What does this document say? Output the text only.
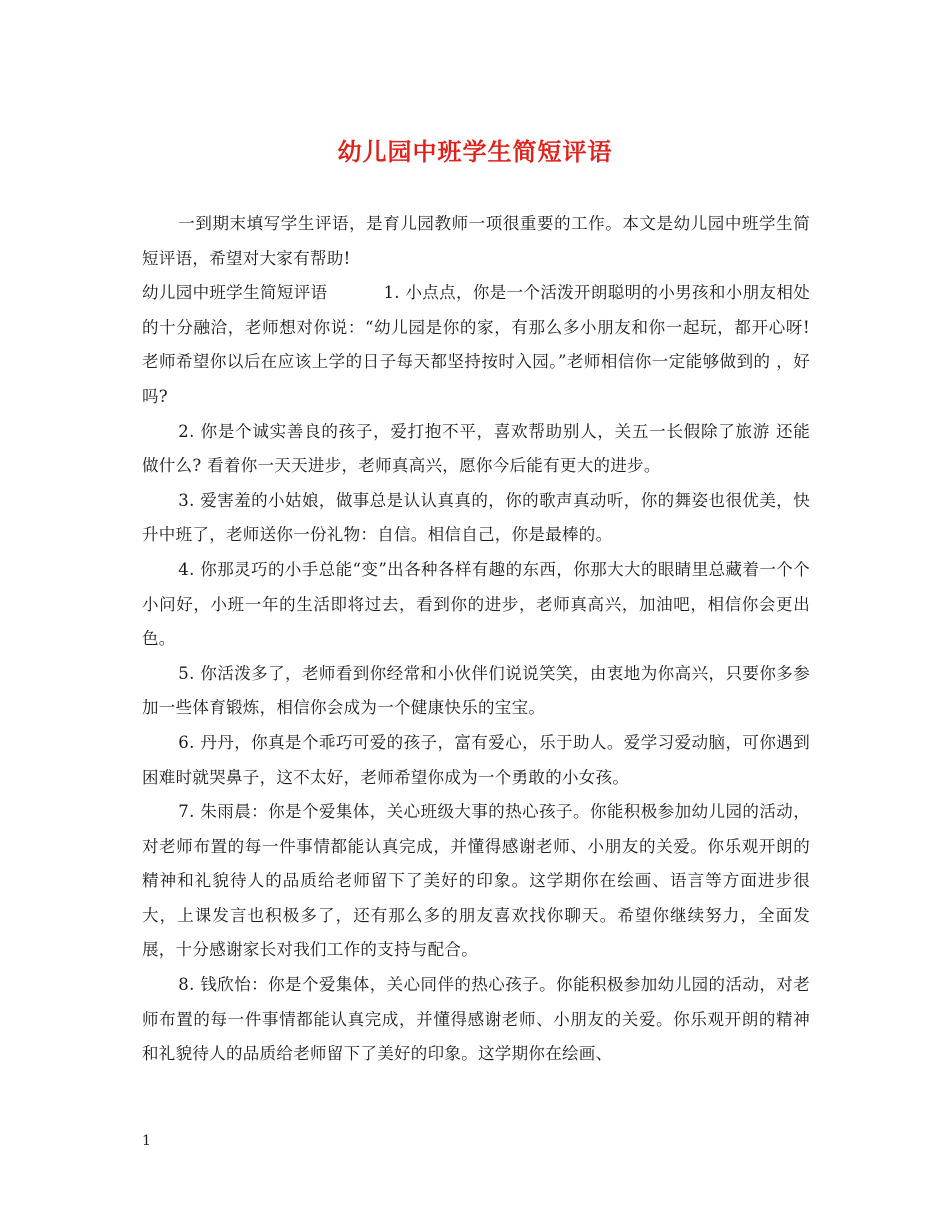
幼儿园中班学生简短评语

一到期末填写学生评语，是育儿园教师一项很重要的工作。本文是幼儿园中班学生简短评语，希望对大家有帮助!

幼儿园中班学生简短评语	1. 小点点，你是一个活泼开朗聪明的小男孩和小朋友相处的十分融洽，老师想对你说：“幼儿园是你的家，有那么多小朋友和你一起玩，都开心呀!老师希望你以后在应该上学的日子每天都坚持按时入园。”老师相信你一定能够做到的 ，好吗?

2. 你是个诚实善良的孩子，爱打抱不平，喜欢帮助别人，关五一长假除了旅游 还能做什么? 看着你一天天进步，老师真高兴，愿你今后能有更大的进步。

3. 爱害羞的小姑娘，做事总是认认真真的，你的歌声真动听，你的舞姿也很优美，快升中班了，老师送你一份礼物：自信。相信自己，你是最棒的。

4. 你那灵巧的小手总能“变”出各种各样有趣的东西，你那大大的眼睛里总藏着一个个小问好，小班一年的生活即将过去，看到你的进步，老师真高兴，加油吧，相信你会更出色。

5. 你活泼多了，老师看到你经常和小伙伴们说说笑笑，由衷地为你高兴，只要你多参加一些体育锻炼，相信你会成为一个健康快乐的宝宝。

6. 丹丹，你真是个乖巧可爱的孩子，富有爱心，乐于助人。爱学习爱动脑，可你遇到困难时就哭鼻子，这不太好，老师希望你成为一个勇敢的小女孩。

7. 朱雨晨：你是个爱集体，关心班级大事的热心孩子。你能积极参加幼儿园的活动，对老师布置的每一件事情都能认真完成，并懂得感谢老师、小朋友的关爱。你乐观开朗的精神和礼貌待人的品质给老师留下了美好的印象。这学期你在绘画、语言等方面进步很大，上课发言也积极多了，还有那么多的朋友喜欢找你聊天。希望你继续努力，全面发展，十分感谢家长对我们工作的支持与配合。

8. 钱欣怡：你是个爱集体，关心同伴的热心孩子。你能积极参加幼儿园的活动，对老师布置的每一件事情都能认真完成，并懂得感谢老师、小朋友的关爱。你乐观开朗的精神和礼貌待人的品质给老师留下了美好的印象。这学期你在绘画、

1
